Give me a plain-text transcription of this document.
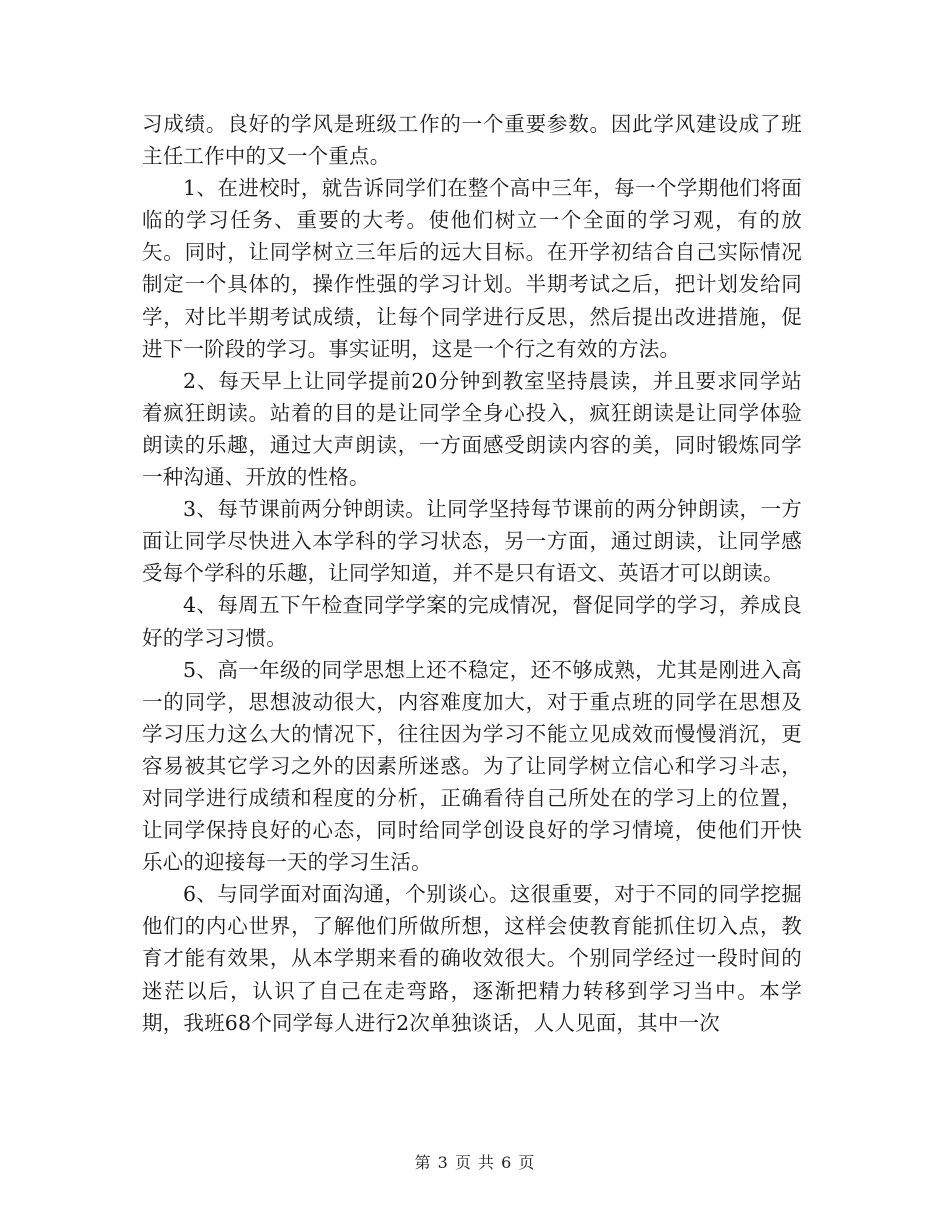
习成绩。良好的学风是班级工作的一个重要参数。因此学风建设成了班主任工作中的又一个重点。

1、在进校时，就告诉同学们在整个高中三年，每一个学期他们将面临的学习任务、重要的大考。使他们树立一个全面的学习观，有的放矢。同时，让同学树立三年后的远大目标。在开学初结合自己实际情况制定一个具体的，操作性强的学习计划。半期考试之后，把计划发给同学，对比半期考试成绩，让每个同学进行反思，然后提出改进措施，促进下一阶段的学习。事实证明，这是一个行之有效的方法。

2、每天早上让同学提前20分钟到教室坚持晨读，并且要求同学站着疯狂朗读。站着的目的是让同学全身心投入，疯狂朗读是让同学体验朗读的乐趣，通过大声朗读，一方面感受朗读内容的美，同时锻炼同学一种沟通、开放的性格。

3、每节课前两分钟朗读。让同学坚持每节课前的两分钟朗读，一方面让同学尽快进入本学科的学习状态，另一方面，通过朗读，让同学感受每个学科的乐趣，让同学知道，并不是只有语文、英语才可以朗读。

4、每周五下午检查同学学案的完成情况，督促同学的学习，养成良好的学习习惯。

5、高一年级的同学思想上还不稳定，还不够成熟，尤其是刚进入高一的同学，思想波动很大，内容难度加大，对于重点班的同学在思想及学习压力这么大的情况下，往往因为学习不能立见成效而慢慢消沉，更容易被其它学习之外的因素所迷惑。为了让同学树立信心和学习斗志，对同学进行成绩和程度的分析，正确看待自己所处在的学习上的位置，让同学保持良好的心态，同时给同学创设良好的学习情境，使他们开快乐心的迎接每一天的学习生活。

6、与同学面对面沟通，个别谈心。这很重要，对于不同的同学挖掘他们的内心世界，了解他们所做所想，这样会使教育能抓住切入点，教育才能有效果，从本学期来看的确收效很大。个别同学经过一段时间的迷茫以后，认识了自己在走弯路，逐渐把精力转移到学习当中。本学期，我班68个同学每人进行2次单独谈话，人人见面，其中一次

第 3 页 共 6 页
